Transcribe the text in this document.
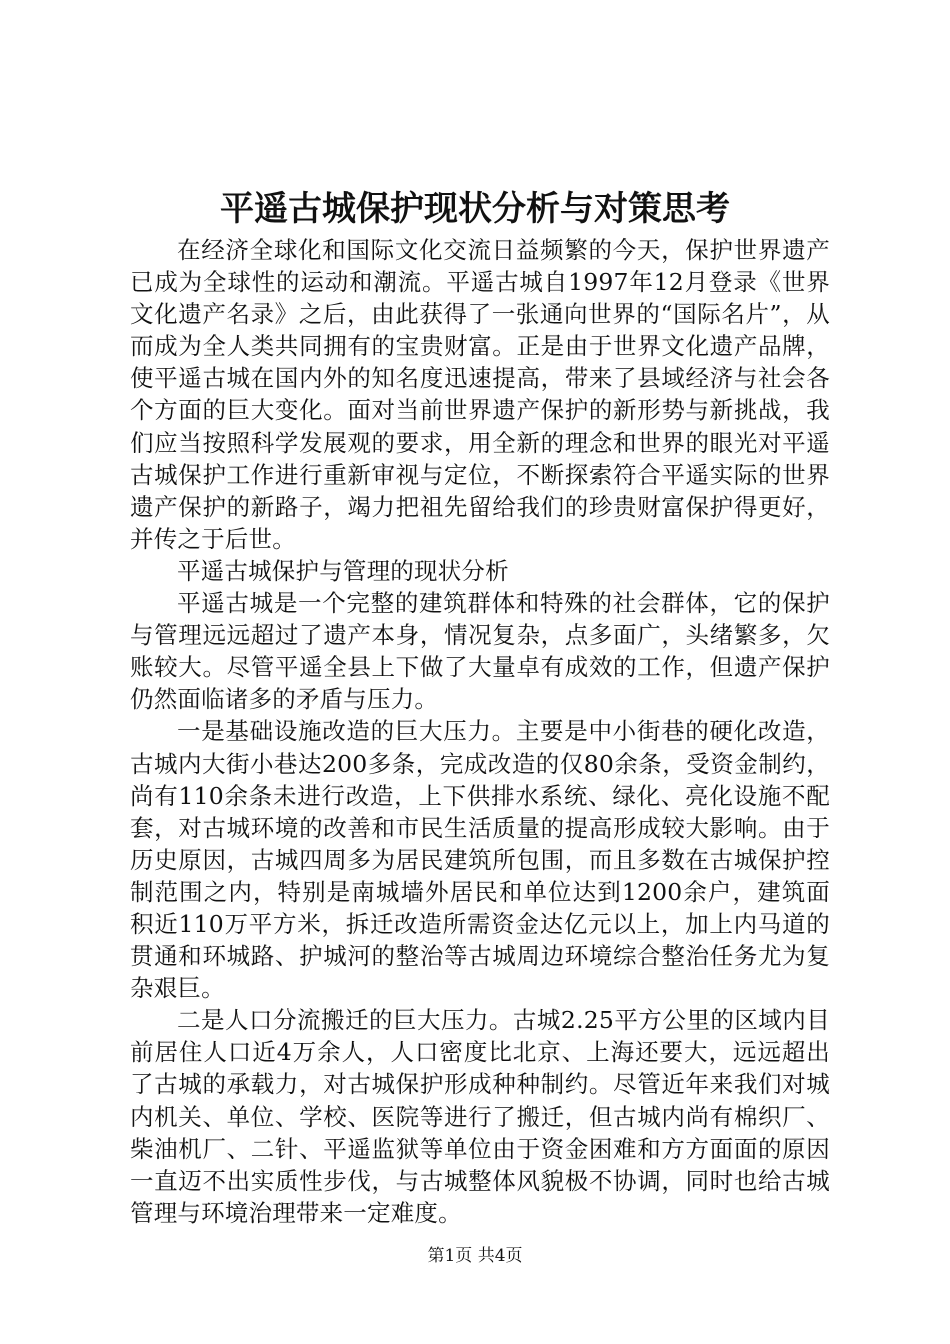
平遥古城保护现状分析与对策思考

在经济全球化和国际文化交流日益频繁的今天，保护世界遗产已成为全球性的运动和潮流。平遥古城自1997年12月登录《世界文化遗产名录》之后，由此获得了一张通向世界的“国际名片”，从而成为全人类共同拥有的宝贵财富。正是由于世界文化遗产品牌，使平遥古城在国内外的知名度迅速提高，带来了县域经济与社会各个方面的巨大变化。面对当前世界遗产保护的新形势与新挑战，我们应当按照科学发展观的要求，用全新的理念和世界的眼光对平遥古城保护工作进行重新审视与定位，不断探索符合平遥实际的世界遗产保护的新路子，竭力把祖先留给我们的珍贵财富保护得更好，并传之于后世。

平遥古城保护与管理的现状分析

平遥古城是一个完整的建筑群体和特殊的社会群体，它的保护与管理远远超过了遗产本身，情况复杂，点多面广，头绪繁多，欠账较大。尽管平遥全县上下做了大量卓有成效的工作，但遗产保护仍然面临诸多的矛盾与压力。

一是基础设施改造的巨大压力。主要是中小街巷的硬化改造，古城内大街小巷达200多条，完成改造的仅80余条，受资金制约，尚有110余条未进行改造，上下供排水系统、绿化、亮化设施不配套，对古城环境的改善和市民生活质量的提高形成较大影响。由于历史原因，古城四周多为居民建筑所包围，而且多数在古城保护控制范围之内，特别是南城墙外居民和单位达到1200余户，建筑面积近110万平方米，拆迁改造所需资金达亿元以上，加上内马道的贯通和环城路、护城河的整治等古城周边环境综合整治任务尤为复杂艰巨。

二是人口分流搬迁的巨大压力。古城2.25平方公里的区域内目前居住人口近4万余人，人口密度比北京、上海还要大，远远超出了古城的承载力，对古城保护形成种种制约。尽管近年来我们对城内机关、单位、学校、医院等进行了搬迁，但古城内尚有棉织厂、柴油机厂、二针、平遥监狱等单位由于资金困难和方方面面的原因一直迈不出实质性步伐，与古城整体风貌极不协调，同时也给古城管理与环境治理带来一定难度。

第1页 共4页
